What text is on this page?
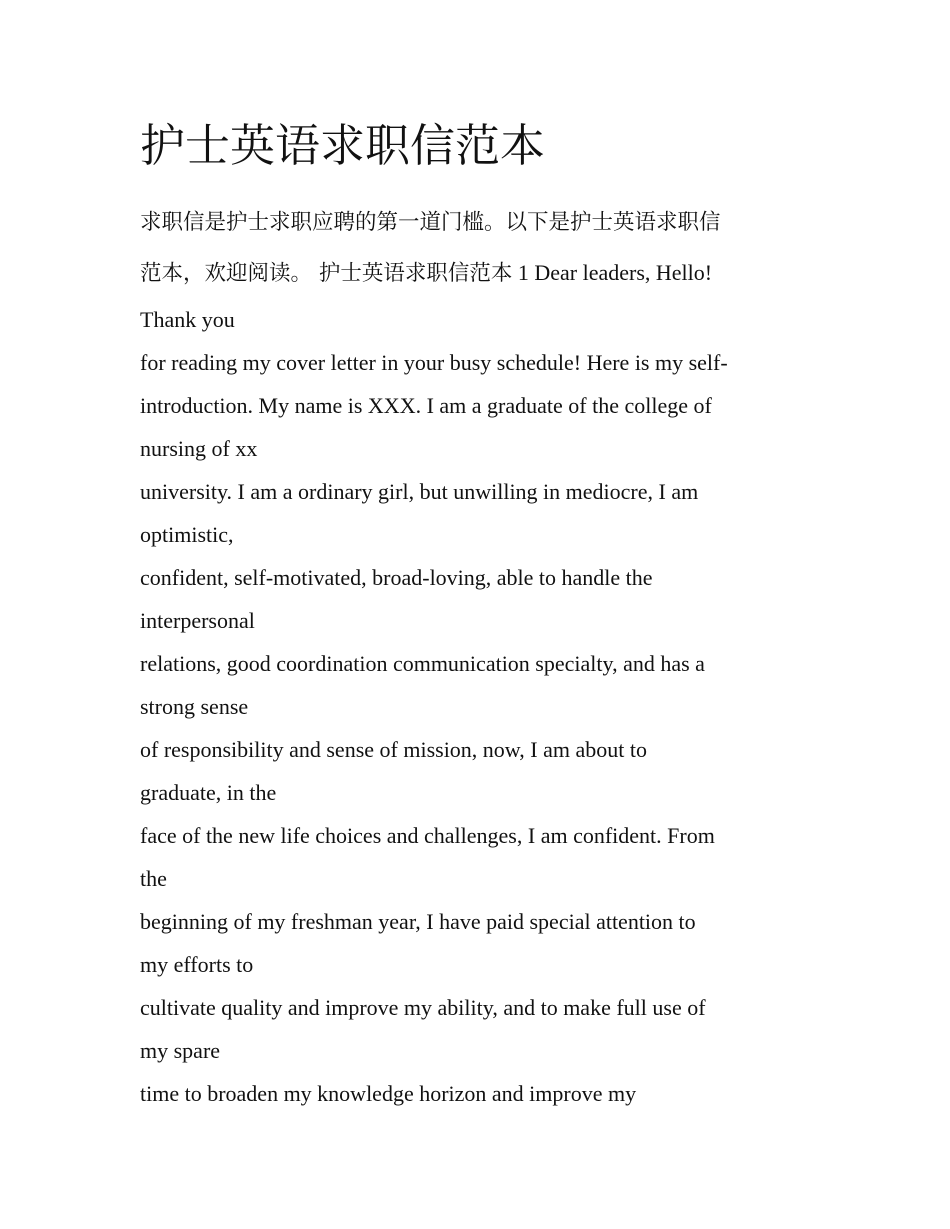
护士英语求职信范本
求职信是护士求职应聘的第一道门槛。以下是护士英语求职信
范本，欢迎阅读。 护士英语求职信范本 1 Dear leaders, Hello!
Thank you
for reading my cover letter in your busy schedule! Here is my self-
introduction. My name is XXX. I am a graduate of the college of
nursing of xx
university. I am a ordinary girl, but unwilling in mediocre, I am
optimistic,
confident, self-motivated, broad-loving, able to handle the
interpersonal
relations, good coordination communication specialty, and has a
strong sense
of responsibility and sense of mission, now, I am about to
graduate, in the
face of the new life choices and challenges, I am confident. From
the
beginning of my freshman year, I have paid special attention to
my efforts to
cultivate quality and improve my ability, and to make full use of
my spare
time to broaden my knowledge horizon and improve my
